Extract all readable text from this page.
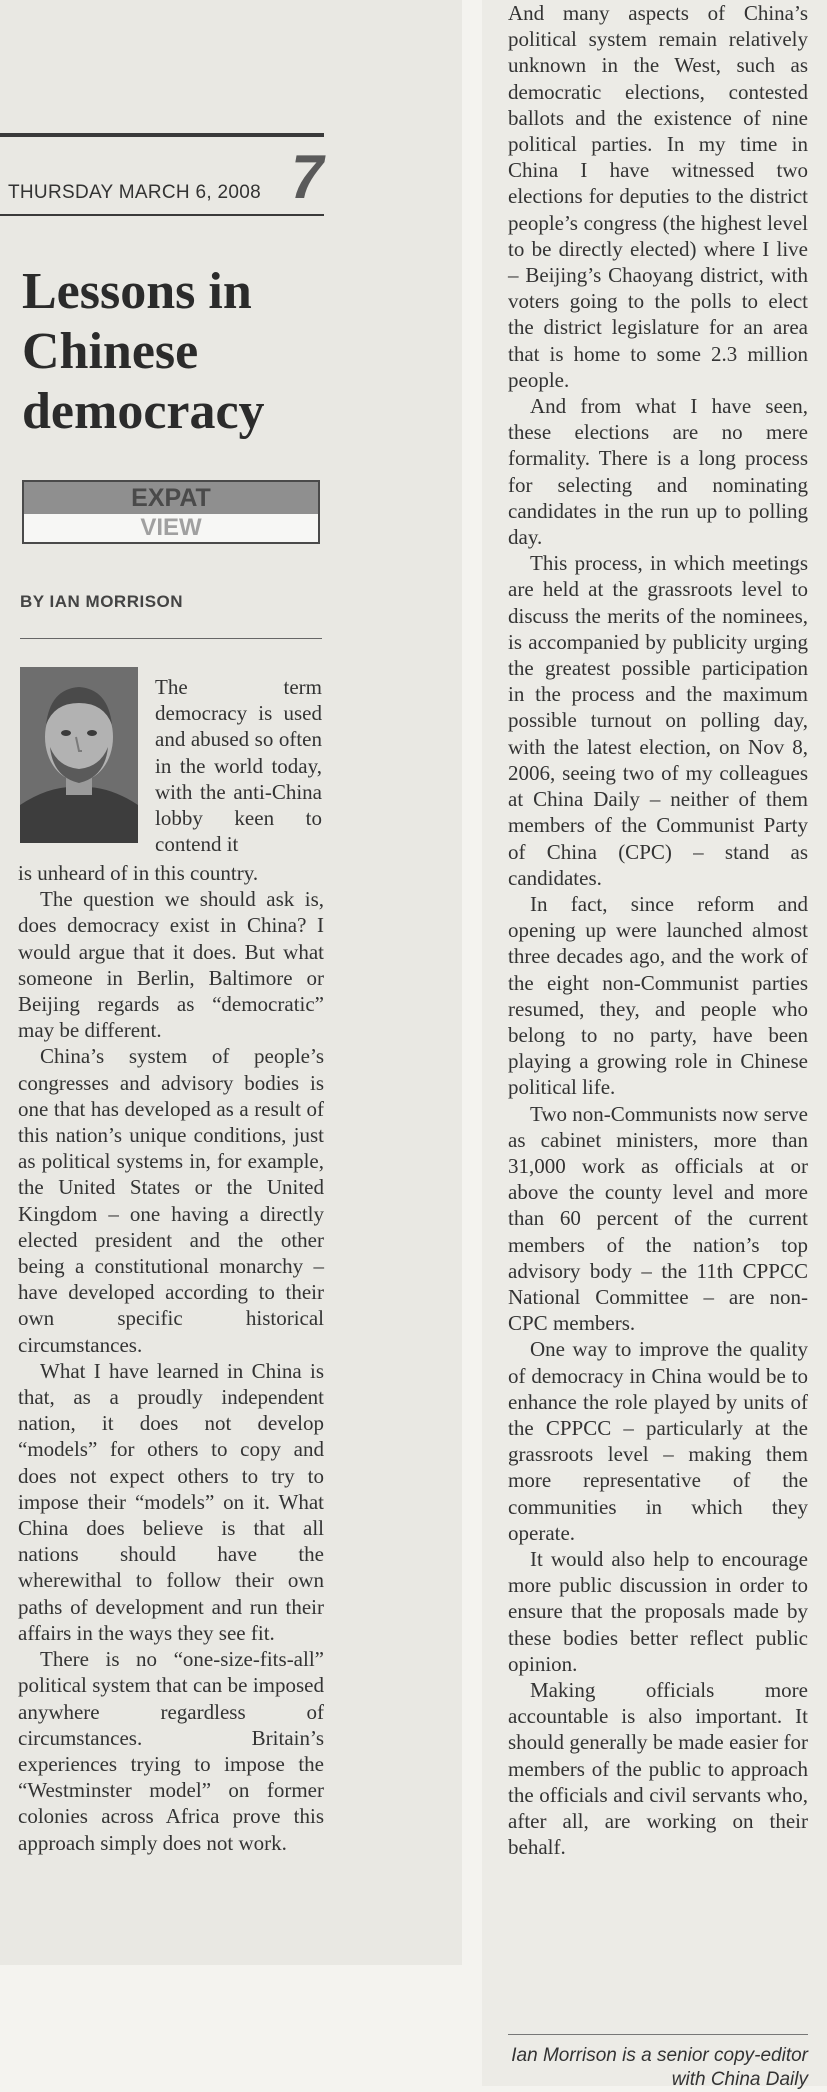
THURSDAY MARCH 6, 2008 7
Lessons in Chinese democracy
EXPAT
VIEW
BY IAN MORRISON

The term democracy is used and abused so often in the world today, with the anti-China lobby keen to contend it

is unheard of in this country.

The question we should ask is, does democracy exist in China? I would argue that it does. But what someone in Berlin, Baltimore or Beijing regards as “democratic” may be different.

China’s system of people’s congresses and advisory bodies is one that has developed as a result of this nation’s unique conditions, just as political systems in, for example, the United States or the United Kingdom – one having a directly elected president and the other being a constitutional monarchy – have developed according to their own specific historical circumstances.

What I have learned in China is that, as a proudly independent nation, it does not develop “models” for others to copy and does not expect others to try to impose their “models” on it. What China does believe is that all nations should have the wherewithal to follow their own paths of development and run their affairs in the ways they see fit.

There is no “one-size-fits-all” political system that can be imposed anywhere regardless of circumstances. Britain’s experiences trying to impose the “Westminster model” on former colonies across Africa prove this approach simply does not work.

And many aspects of China’s political system remain relatively unknown in the West, such as democratic elections, contested ballots and the existence of nine political parties. In my time in China I have witnessed two elections for deputies to the district people’s congress (the highest level to be directly elected) where I live – Beijing’s Chaoyang district, with voters going to the polls to elect the district legislature for an area that is home to some 2.3 million people.

And from what I have seen, these elections are no mere formality. There is a long process for selecting and nominating candidates in the run up to polling day.

This process, in which meetings are held at the grassroots level to discuss the merits of the nominees, is accompanied by publicity urging the greatest possible participation in the process and the maximum possible turnout on polling day, with the latest election, on Nov 8, 2006, seeing two of my colleagues at China Daily – neither of them members of the Communist Party of China (CPC) – stand as candidates.

In fact, since reform and opening up were launched almost three decades ago, and the work of the eight non-Communist parties resumed, they, and people who belong to no party, have been playing a growing role in Chinese political life.

Two non-Communists now serve as cabinet ministers, more than 31,000 work as officials at or above the county level and more than 60 percent of the current members of the nation’s top advisory body – the 11th CPPCC National Committee – are non-CPC members.

One way to improve the quality of democracy in China would be to enhance the role played by units of the CPPCC – particularly at the grassroots level – making them more representative of the communities in which they operate.

It would also help to encourage more public discussion in order to ensure that the proposals made by these bodies better reflect public opinion.

Making officials more accountable is also important. It should generally be made easier for members of the public to approach the officials and civil servants who, after all, are working on their behalf.

Ian Morrison is a senior copy-editor with China Daily
